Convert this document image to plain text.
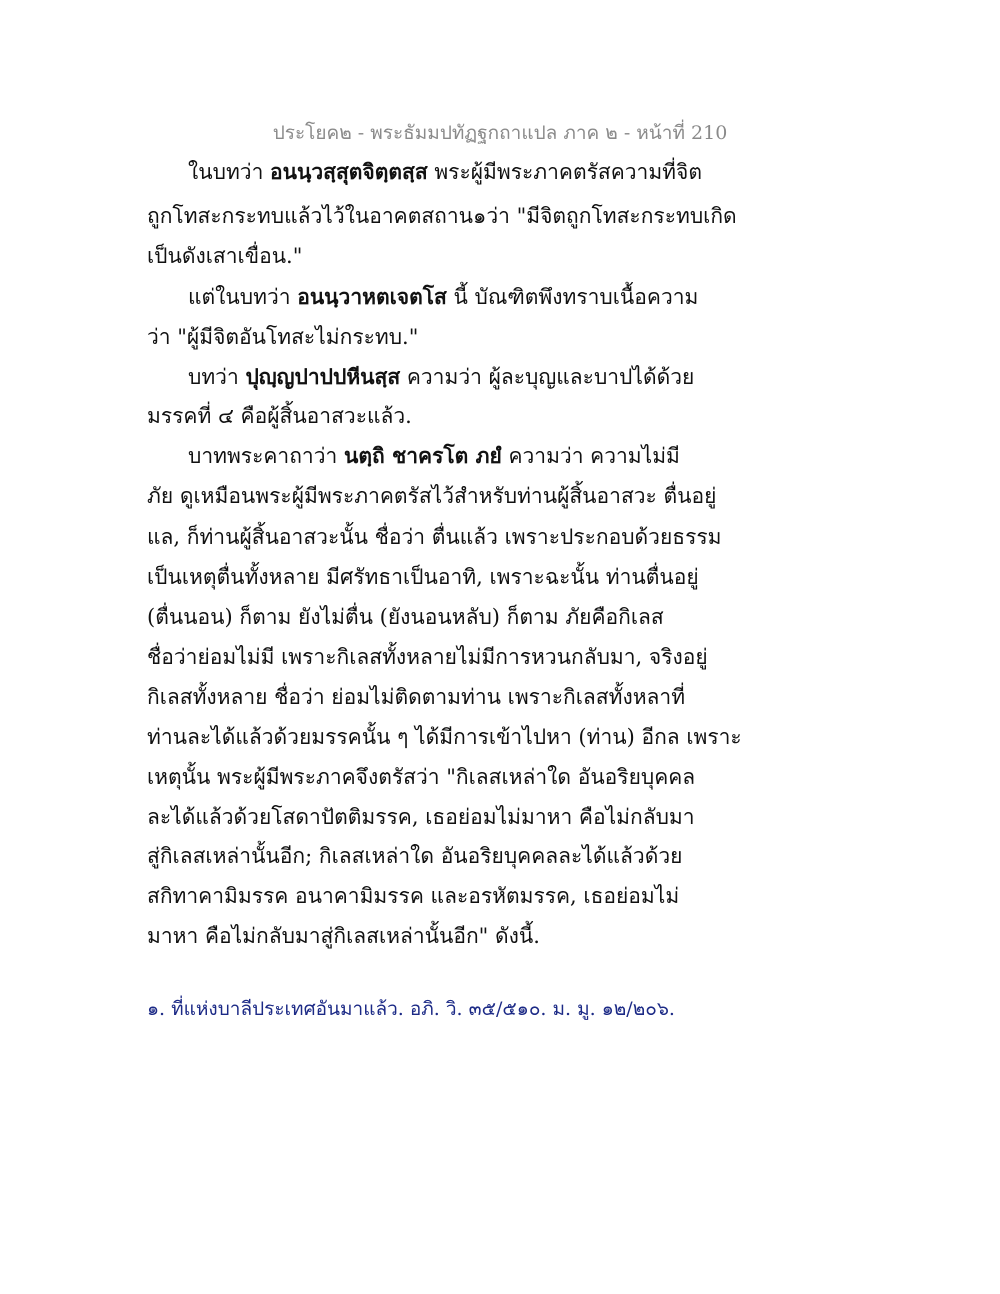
ประโยค๒ - พระธัมมปทัฏฐกถาแปล ภาค ๒ - หน้าที่ 210
ในบทว่า อนนฺวสฺสุตจิตฺตสฺส พระผู้มีพระภาคตรัสความที่จิต
ถูกโทสะกระทบแล้วไว้ในอาคตสถาน๑ว่า "มีจิตถูกโทสะกระทบเกิด
เป็นดังเสาเขื่อน."
แต่ในบทว่า อนนฺวาหตเจตโส นี้ บัณฑิตพึงทราบเนื้อความ
ว่า "ผู้มีจิตอันโทสะไม่กระทบ."
บทว่า ปุญฺญปาปปหีนสฺส ความว่า ผู้ละบุญและบาปได้ด้วย
มรรคที่ ๔ คือผู้สิ้นอาสวะแล้ว.
บาทพระคาถาว่า นตฺถิ ชาครโต ภยํ ความว่า ความไม่มี
ภัย ดูเหมือนพระผู้มีพระภาคตรัสไว้สำหรับท่านผู้สิ้นอาสวะ ตื่นอยู่
แล, ก็ท่านผู้สิ้นอาสวะนั้น ชื่อว่า ตื่นแล้ว เพราะประกอบด้วยธรรม
เป็นเหตุตื่นทั้งหลาย มีศรัทธาเป็นอาทิ, เพราะฉะนั้น ท่านตื่นอยู่
(ตื่นนอน) ก็ตาม ยังไม่ตื่น (ยังนอนหลับ) ก็ตาม ภัยคือกิเลส
ชื่อว่าย่อมไม่มี เพราะกิเลสทั้งหลายไม่มีการหวนกลับมา, จริงอยู่
กิเลสทั้งหลาย ชื่อว่า ย่อมไม่ติดตามท่าน เพราะกิเลสทั้งหลาที่
ท่านละได้แล้วด้วยมรรคนั้น ๆ ได้มีการเข้าไปหา (ท่าน) อีกล เพราะ
เหตุนั้น พระผู้มีพระภาคจึงตรัสว่า "กิเลสเหล่าใด อันอริยบุคคล
ละได้แล้วด้วยโสดาปัตติมรรค, เธอย่อมไม่มาหา คือไม่กลับมา
สู่กิเลสเหล่านั้นอีก; กิเลสเหล่าใด อันอริยบุคคลละได้แล้วด้วย
สกิทาคามิมรรค อนาคามิมรรค และอรหัตมรรค, เธอย่อมไม่
มาหา คือไม่กลับมาสู่กิเลสเหล่านั้นอีก" ดังนี้.
๑. ที่แห่งบาลีประเทศอันมาแล้ว. อภิ. วิ. ๓๕/๕๑๐. ม. มู. ๑๒/๒๐๖.
